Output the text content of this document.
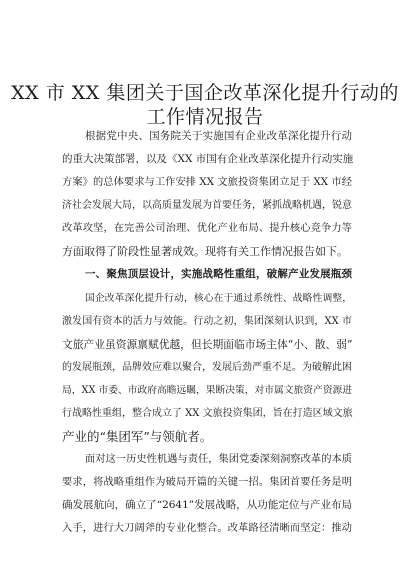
XX 市 XX 集团关于国企改革深化提升行动的
工作情况报告
根据党中央、国务院关于实施国有企业改革深化提升行动
的重大决策部署，以及《XX 市国有企业改革深化提升行动实施
方案》的总体要求与工作安排 XX 文旅投资集团立足于 XX 市经
济社会发展大局，以高质量发展为首要任务，紧抓战略机遇，锐意
改革攻坚，在完善公司治理、优化产业布局、提升核心竞争力等
方面取得了阶段性显著成效。现将有关工作情况报告如下。
一、聚焦顶层设计，实施战略性重组，破解产业发展瓶颈
国企改革深化提升行动，核心在于通过系统性、战略性调整，
激发国有资本的活力与效能。行动之初，集团深刻认识到，XX 市
文旅产业虽资源禀赋优越，但长期面临市场主体“小、散、弱”
的发展瓶颈，品牌效应难以聚合，发展后劲严重不足。为破解此困
局，XX 市委、市政府高瞻远瞩，果断决策，对市属文旅资产资源进
行战略性重组，整合成立了 XX 文旅投资集团，旨在打造区域文旅
产业的“集团军”与领航者。
面对这一历史性机遇与责任，集团党委深刻洞察改革的本质
要求，将战略重组作为破局开篇的关键一招。集团首要任务是明
确发展航向，确立了“2641”发展战略，从功能定位与产业布局
入手，进行大刀阔斧的专业化整合。改革路径清晰而坚定：推动
